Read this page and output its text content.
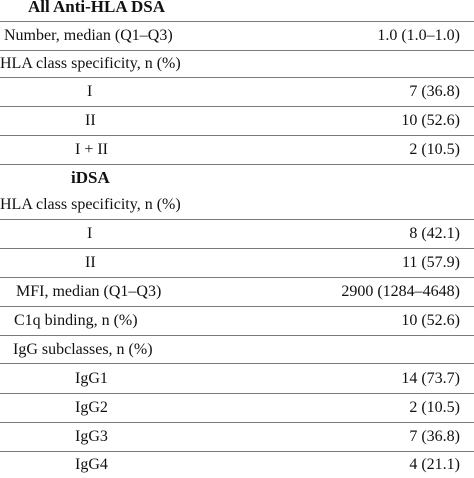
All Anti-HLA DSA
Number, median (Q1–Q3)	1.0 (1.0–1.0)
HLA class specificity, n (%)
I	7 (36.8)
II	10 (52.6)
I + II	2 (10.5)
iDSA
HLA class specificity, n (%)
I	8 (42.1)
II	11 (57.9)
MFI, median (Q1–Q3)	2900 (1284–4648)
C1q binding, n (%)	10 (52.6)
IgG subclasses, n (%)
IgG1	14 (73.7)
IgG2	2 (10.5)
IgG3	7 (36.8)
IgG4	4 (21.1)
